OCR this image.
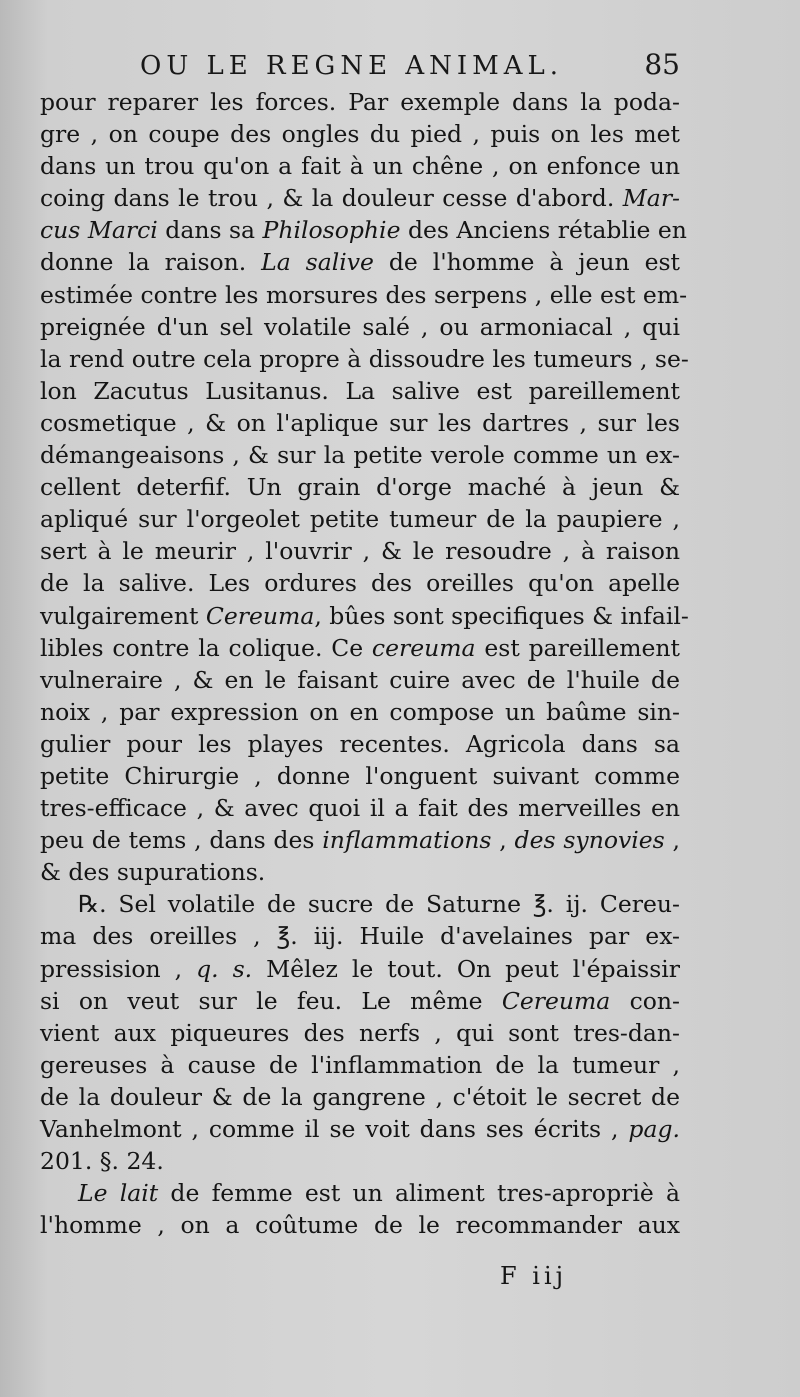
OU LE REGNE ANIMAL.	85
pour reparer les forces. Par exemple dans la poda-
gre , on coupe des ongles du pied , puis on les met
dans un trou qu'on a fait à un chêne , on enfonce un
coing dans le trou , & la douleur cesse d'abord. Mar-
cus Marci dans sa Philosophie des Anciens rétablie en
donne la raison. La salive de l'homme à jeun est
estimée contre les morsures des serpens , elle est em-
preignée d'un sel volatile salé , ou armoniacal , qui
la rend outre cela propre à dissoudre les tumeurs , se-
lon Zacutus Lusitanus. La salive est pareillement
cosmetique , & on l'aplique sur les dartres , sur les
démangeaisons , & sur la petite verole comme un ex-
cellent deterfif. Un grain d'orge maché à jeun &
apliqué sur l'orgeolet petite tumeur de la paupiere ,
sert à le meurir , l'ouvrir , & le resoudre , à raison
de la salive. Les ordures des oreilles qu'on apelle
vulgairement Cereuma, bûes sont specifiques & infail-
libles contre la colique. Ce cereuma est pareillement
vulneraire , & en le faisant cuire avec de l'huile de
noix , par expression on en compose un baûme sin-
gulier pour les playes recentes. Agricola dans sa
petite Chirurgie , donne l'onguent suivant comme
tres-efficace , & avec quoi il a fait des merveilles en
peu de tems , dans des inflammations , des synovies ,
& des supurations.
℞. Sel volatile de sucre de Saturne ℥. ij. Cereu-
ma des oreilles , ℥. iij. Huile d'avelaines par ex-
pressision , q. s. Mêlez le tout. On peut l'épaissir
si on veut sur le feu. Le même Cereuma con-
vient aux piqueures des nerfs , qui sont tres-dan-
gereuses à cause de l'inflammation de la tumeur ,
de la douleur & de la gangrene , c'étoit le secret de
Vanhelmont , comme il se voit dans ses écrits , pag.
201. §. 24.
Le lait de femme est un aliment tres-apropriè à
l'homme , on a coûtume de le recommander aux
F iij
